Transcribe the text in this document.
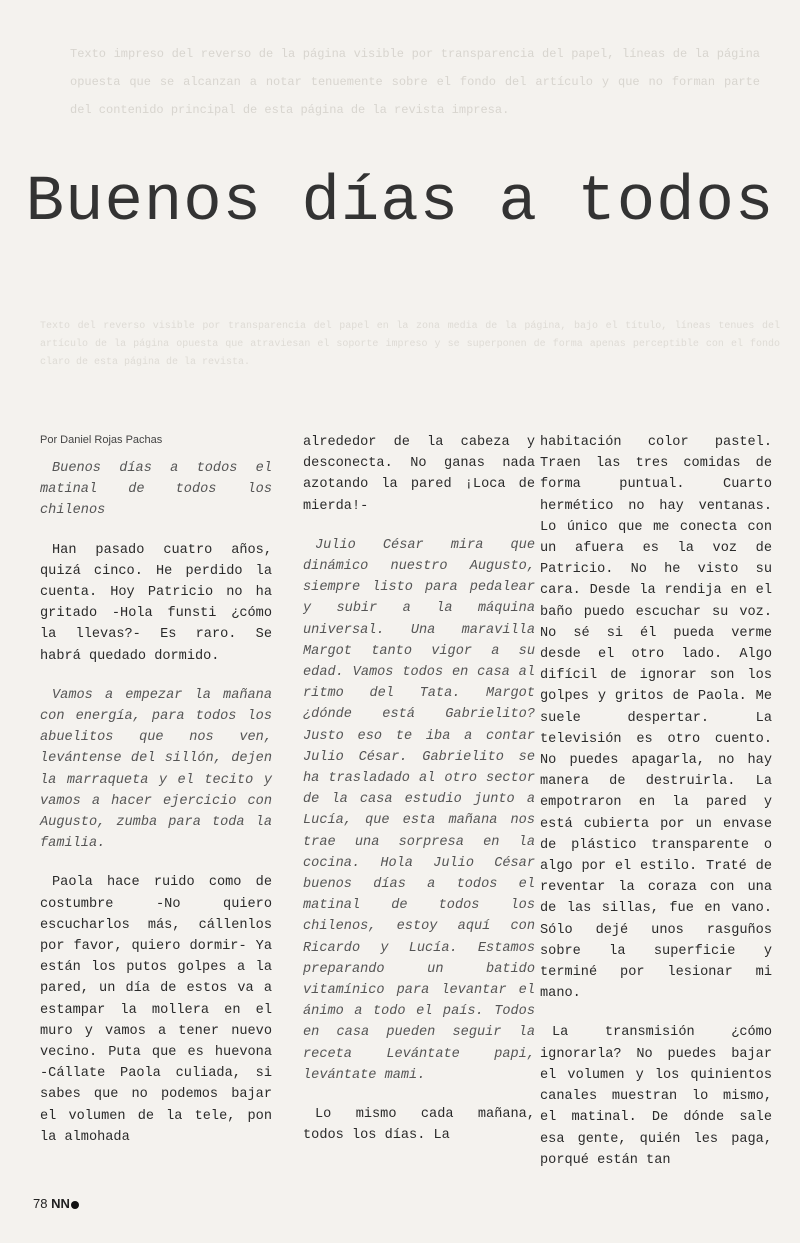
Texto impreso del reverso de la página visible por transparencia del papel, líneas de la página opuesta que se alcanzan a notar tenuemente sobre el fondo del artículo y que no forman parte del contenido principal de esta página de la revista impresa.
Texto del reverso visible por transparencia del papel en la zona media de la página, bajo el título, líneas tenues del artículo de la página opuesta que atraviesan el soporte impreso y se superponen de forma apenas perceptible con el fondo claro de esta página de la revista.
Buenos días a todos

Por Daniel Rojas Pachas

Buenos días a todos el matinal de todos los chilenos

Han pasado cuatro años, quizá cinco. He perdido la cuenta. Hoy Patricio no ha gritado -Hola funsti ¿cómo la llevas?- Es raro. Se habrá quedado dormido.

Vamos a empezar la mañana con energía, para todos los abuelitos que nos ven, levántense del sillón, dejen la marraqueta y el tecito y vamos a hacer ejercicio con Augusto, zumba para toda la familia.

Paola hace ruido como de costumbre -No quiero escucharlos más, cállenlos por favor, quiero dormir- Ya están los putos golpes a la pared, un día de estos va a estampar la mollera en el muro y vamos a tener nuevo vecino. Puta que es huevona -Cállate Paola culiada, si sabes que no podemos bajar el volumen de la tele, pon la almohada

alrededor de la cabeza y desconecta. No ganas nada azotando la pared ¡Loca de mierda!-

Julio César mira que dinámico nuestro Augusto, siempre listo para pedalear y subir a la máquina universal. Una maravilla Margot tanto vigor a su edad. Vamos todos en casa al ritmo del Tata. Margot ¿dónde está Gabrielito? Justo eso te iba a contar Julio César. Gabrielito se ha trasladado al otro sector de la casa estudio junto a Lucía, que esta mañana nos trae una sorpresa en la cocina. Hola Julio César buenos días a todos el matinal de todos los chilenos, estoy aquí con Ricardo y Lucía. Estamos preparando un batido vitamínico para levantar el ánimo a todo el país. Todos en casa pueden seguir la receta Levántate papi, levántate mami.

Lo mismo cada mañana, todos los días. La

habitación color pastel. Traen las tres comidas de forma puntual. Cuarto hermético no hay ventanas. Lo único que me conecta con un afuera es la voz de Patricio. No he visto su cara. Desde la rendija en el baño puedo escuchar su voz. No sé si él pueda verme desde el otro lado. Algo difícil de ignorar son los golpes y gritos de Paola. Me suele despertar. La televisión es otro cuento. No puedes apagarla, no hay manera de destruirla. La empotraron en la pared y está cubierta por un envase de plástico transparente o algo por el estilo. Traté de reventar la coraza con una de las sillas, fue en vano. Sólo dejé unos rasguños sobre la superficie y terminé por lesionar mi mano.

La transmisión ¿cómo ignorarla? No puedes bajar el volumen y los quinientos canales muestran lo mismo, el matinal. De dónde sale esa gente, quién les paga, porqué están tan

78 NN
